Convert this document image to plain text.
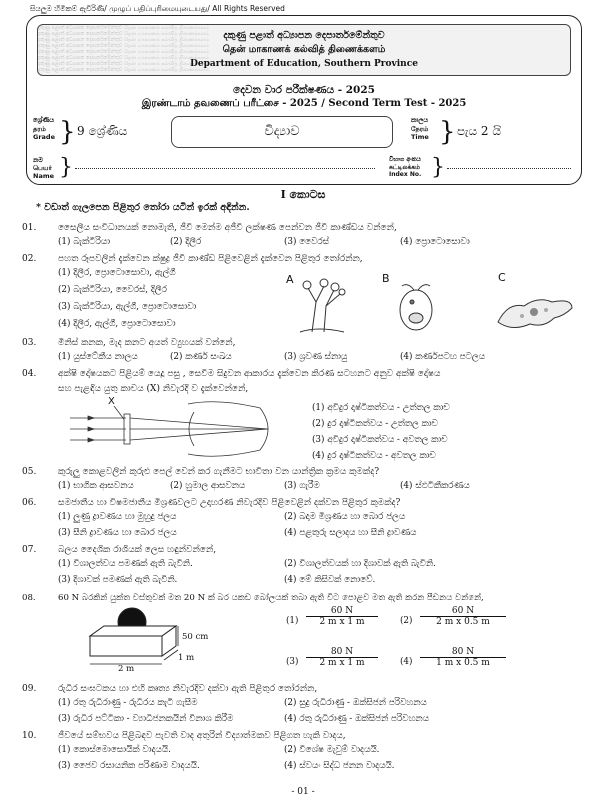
සියලුම හිමිකම් ඇවිරිණි/ முழுப் பதிப்புரிமையுடையது/ All Rights Reserved
දකුණු පළාත් අධ්‍යාපන දෙපාර්තමේන්තුව தென் மாகாணக் கல்வித் திணைக்களம்
දකුණු පළාත් අධ්‍යාපන දෙපාර්තමේන්තුව தென் மாகாணக் கல்வித் திணைக்களம்
දකුණු පළාත් අධ්‍යාපන දෙපාර්තමේන්තුව தென் மாகாணக் கல்வித் திணைக்களம்
දකුණු පළාත් අධ්‍යාපන දෙපාර්තමේන්තුව தென் மாகாணக் கல்வித் திணைக்களம்
දකුණු පළාත් අධ්‍යාපන දෙපාර්තමේන්තුව தென் மாகாணக் கல்வித் திணைக்களம்
දකුණු පළාත් අධ්‍යාපන දෙපාර්තමේන්තුව தென் மாகாணக் கல்வித் திணைக்களம்
දකුණු පළාත් අධ්‍යාපන දෙපාර්තමේන්තුව தென் மாகாணக் கல்வித் திணைக்களம்
දකුණු පළාත් අධ්‍යාපන දෙපාර්තමේන්තුව தென் மாகாணக் கல்வித் திணைக்களம்
දකුණු පළාත් අධ්‍යාපන දෙපාර්තමේන්තුව
தென் மாகாணக் கல்வித் திணைக்களம்
Department of Education, Southern Province
දෙවන වාර පරීක්ෂණය - 2025
இரண்டாம் தவணைப் பரீட்சை - 2025 / Second Term Test - 2025
ශ්‍රේණිය
தரம்
Grade } 9 ශ්‍රේණිය	විද්‍යාව
කාලය
நேரம்
Time } පැය 2 යි
නම
பெயர்
Name }	විභාග අංකය
சுட்டிலக்கம்
Index No. }
I කොටස
* වඩාත් ගැලපෙන පිළිතුර තෝරා යටින් ඉරක් අඳින්න.
01. සෛලීය සංවිධානයක් නොමැති, ජීවී මෙන්ම අජීවී ලක්ෂණ පෙන්වන ජීවී කාණ්ඩය වන්නේ,
(1) බැක්ටීරියා	(2) දිලීර	(3) වෛරස්	(4) ප්‍රොටොසොවා
02. පහත රූපවලින් දැක්වෙන ක්ෂුද්‍ර ජීවී කාණ්ඩ පිළිවෙළින් දැක්වෙන පිළිතුර තෝරන්න,
(1) දිලීර, ප්‍රොටොසොවා, ඇල්ගී
(2) බැක්ටීරියා, වෛරස්, දිලීර
(3) බැක්ටීරියා, ඇල්ගී, ප්‍රොටොසොවා
(4) දිලීර, ඇල්ගී, ප්‍රොටොසොවා
A	B	C
03. මිනිස් කනක, මැද කනට අයත් ව්‍යුහයක් වන්නේ,
(1) යුස්ටේකීය නාලය	(2) කර්ණ සංඛය	(3) ශ්‍රවණ ස්නායු	(4) කර්ණපටහ පටලය
04. අක්ෂි දෝෂයකට පිළියම් යෙදූ පසු , සෙවීම සිදුවන ආකාරය දැක්වෙන කිරණ සටහනට අනුව අක්ෂි දෝෂය
සහ පැළඳිය යුතු කාචය (X) නිවැරදි ව දැක්වෙන්නේ,
X
(1) අවිදුර දෘෂ්ටිකත්වය - උත්තල කාච
(2) දුර දෘෂ්ටිකත්වය - උත්තල කාච
(3) අවිදුර දෘෂ්ටිකත්වය - අවතල කාච
(4) දුර දෘෂ්ටිකත්වය - අවතල කාච
05. කුරුලු කොළවලින් කුරුළු පෙල් වෙන් කර ගැනීමට භාවිතා වන යාන්ත්‍රික ක්‍රමය කුමක්ද?
(1) භාගික ආසවනය	(2) හුමාල ආසවනය	(3) ගැරීම	(4) ස්ඵටිකීකරණය
06. සමජාතීය හා විෂමජාතීය මිශ්‍රණවලට උදාහරණ නිවැරදිව පිළිවෙළින් දක්වන පිළිතුර කුමක්ද?
(1) ලුණු ද්‍රාවණය හා මුහුදු ජලය	(2) බදාම මිශ්‍රණය හා බොර ජලය
(3) සීනි ද්‍රාවණය හා බොර ජලය	(4) පළතුරු සලාදය හා සීනි ද්‍රාවණය
07. බලය දෛශික රාශියක් ලෙස හඳුන්වන්නේ,
(1) විශාලත්වය පමණක් ඇති බැවිනි.	(2) විශාලත්වයක් හා දිශාවක් ඇති බැවිනි.
(3) දිශාවක් පමණක් ඇති බැවිනි.	(4) මේ කිසිවක් නොවේ.
08.	60 N බරකින් යුක්ත වස්තුවක් මත 20 N ක් බර යකඩ බෝලයක් තබා ඇති විට පොළව මත ඇති කරන පීඩනය වන්නේ,
50 cm
1 m
2 m
$(1) \frac{60 N}{\text{2 m x 1 m}}$	$(2) \frac{60 N}{\text{2 m x 0.5 m}}$
$(3) \frac{80 N}{\text{2 m x 1 m}}$	$(4) \frac{80 N}{\text{1 m x 0.5 m}}$
09. රුධිර සංඝටකය හා එහි කෘත්‍ය නිවැරදිව දක්වා ඇති පිළිතුර තෝරන්න,
(1) රතු රුධිරාණු - රුධිරය කැටි ගැසීම	(2) සුදු රුධිරාණු - ඔක්සිජන් පරිවහනය
(3) රුධිර පට්ටිකා - ව්‍යාධිජනකයින් විනාශ කිරීම	(4) රතු රුධිරාණු - ඔක්සිජන් පරිවහනය
10. ජීවයේ සම්භවය පිළිබඳව පැවති වාද අතුරින් විද්‍යාත්මකව පිළිගත හැකි වාදය,
(1) කොස්මොසොයික් වාදයයි.	(2) විශේෂ මැවුම් වාදයයි.
(3) ජෛව රසායනික පරිණාම වාදයයි.	(4) ස්වයං සිද්ධ ජනන වාදයයි.
- 01 -
